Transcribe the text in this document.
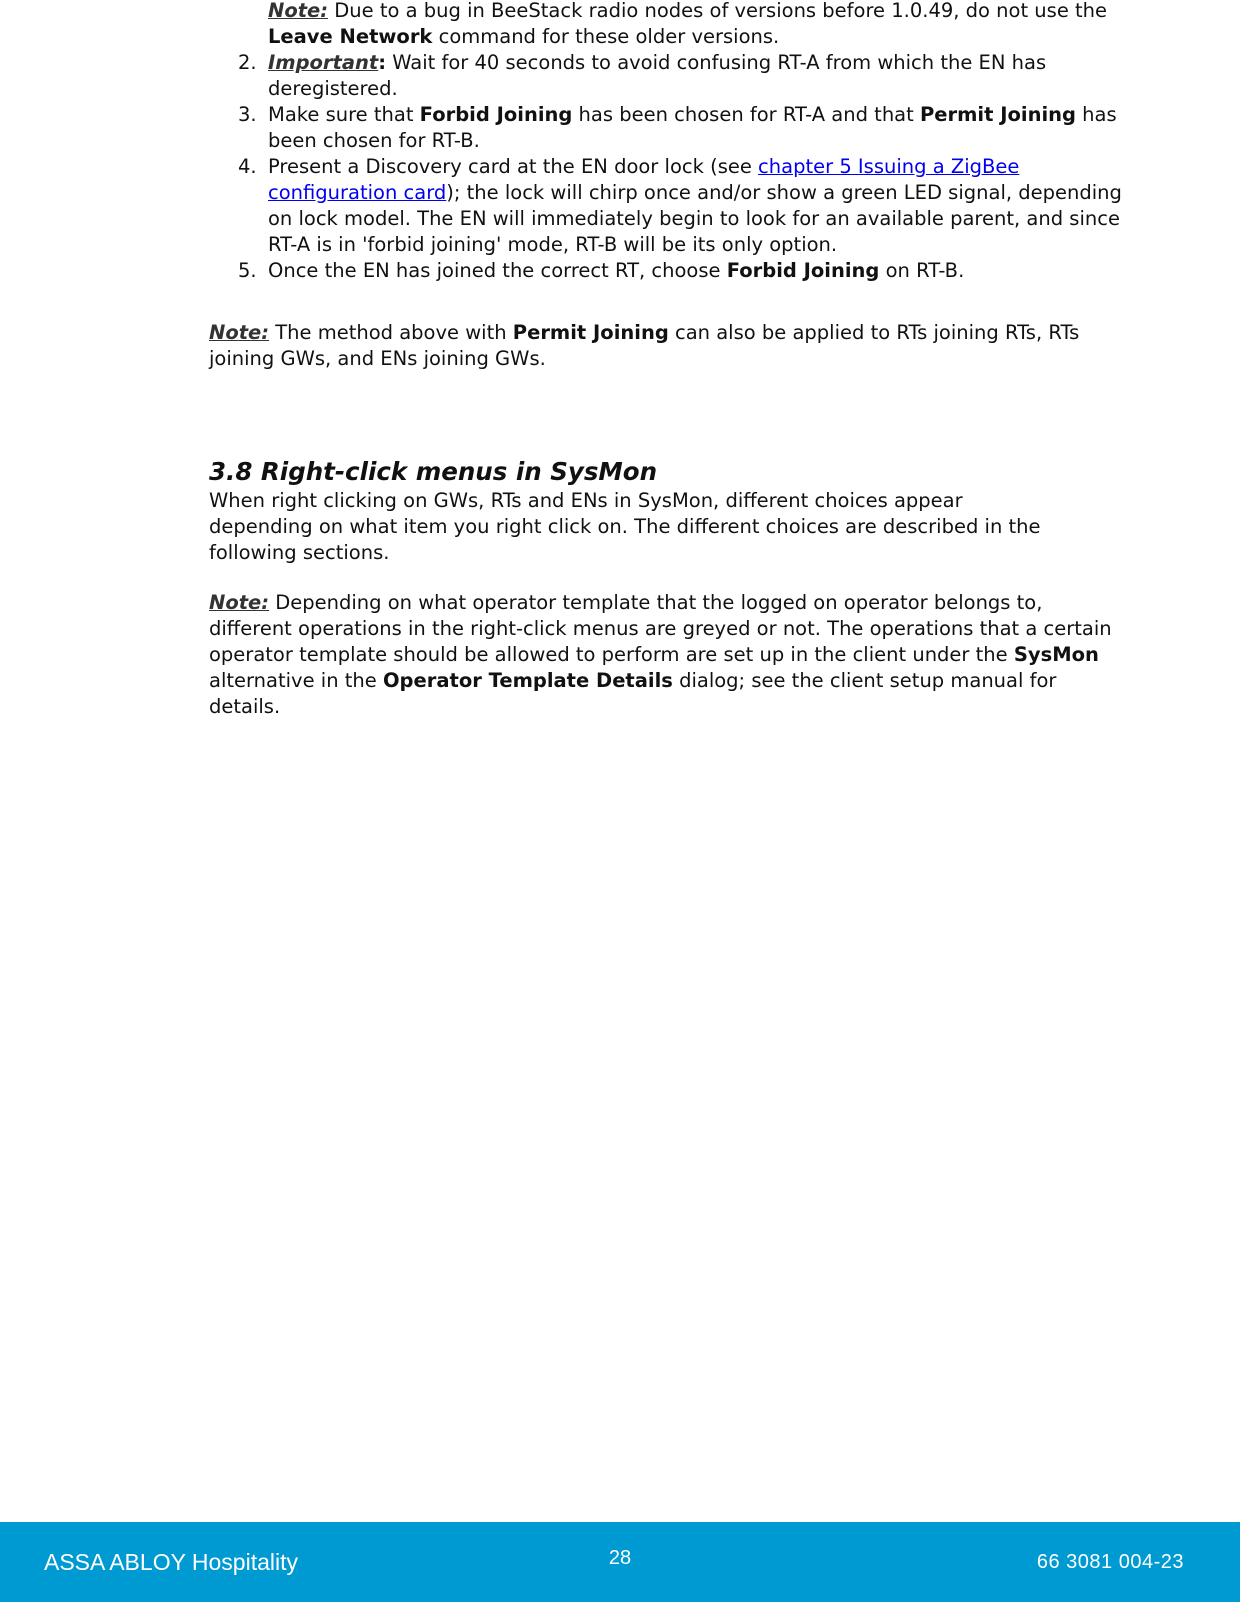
Note: Due to a bug in BeeStack radio nodes of versions before 1.0.49, do not use the Leave Network command for these older versions.
2. Important: Wait for 40 seconds to avoid confusing RT-A from which the EN has deregistered.
3. Make sure that Forbid Joining has been chosen for RT-A and that Permit Joining has been chosen for RT-B.
4. Present a Discovery card at the EN door lock (see chapter 5 Issuing a ZigBee configuration card); the lock will chirp once and/or show a green LED signal, depending on lock model. The EN will immediately begin to look for an available parent, and since RT-A is in 'forbid joining' mode, RT-B will be its only option.
5. Once the EN has joined the correct RT, choose Forbid Joining on RT-B.
Note: The method above with Permit Joining can also be applied to RTs joining RTs, RTs joining GWs, and ENs joining GWs.
3.8 Right-click menus in SysMon
When right clicking on GWs, RTs and ENs in SysMon, different choices appear depending on what item you right click on. The different choices are described in the following sections.
Note: Depending on what operator template that the logged on operator belongs to, different operations in the right-click menus are greyed or not. The operations that a certain operator template should be allowed to perform are set up in the client under the SysMon alternative in the Operator Template Details dialog; see the client setup manual for details.
ASSA ABLOY Hospitality	28	66 3081 004-23
